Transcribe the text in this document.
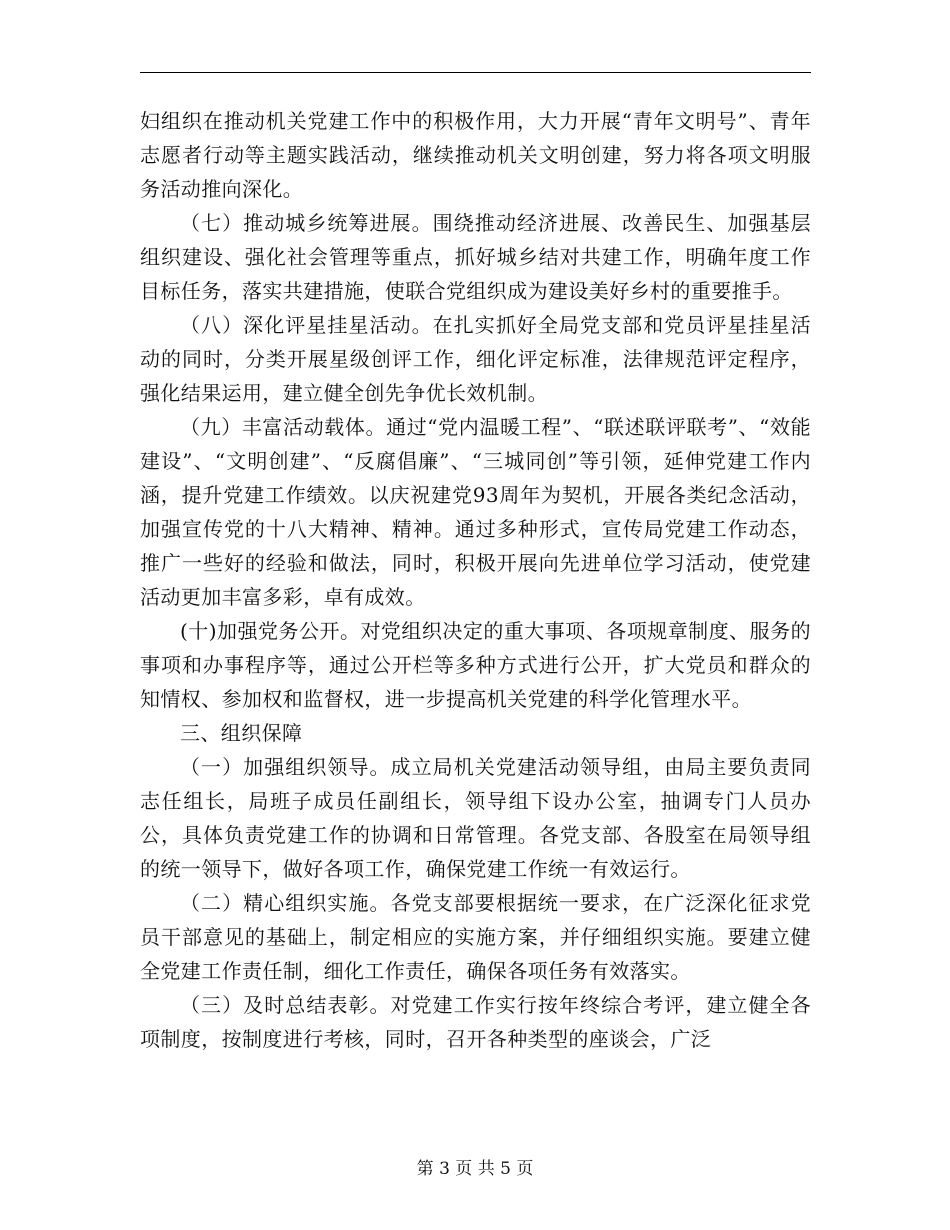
妇组织在推动机关党建工作中的积极作用，大力开展“青年文明号”、青年志愿者行动等主题实践活动，继续推动机关文明创建，努力将各项文明服务活动推向深化。

（七）推动城乡统筹进展。围绕推动经济进展、改善民生、加强基层组织建设、强化社会管理等重点，抓好城乡结对共建工作，明确年度工作目标任务，落实共建措施，使联合党组织成为建设美好乡村的重要推手。

（八）深化评星挂星活动。在扎实抓好全局党支部和党员评星挂星活动的同时，分类开展星级创评工作，细化评定标准，法律规范评定程序，强化结果运用，建立健全创先争优长效机制。

（九）丰富活动载体。通过“党内温暖工程”、“联述联评联考”、“效能建设”、“文明创建”、“反腐倡廉”、“三城同创”等引领，延伸党建工作内涵，提升党建工作绩效。以庆祝建党93周年为契机，开展各类纪念活动，加强宣传党的十八大精神、精神。通过多种形式，宣传局党建工作动态，推广一些好的经验和做法，同时，积极开展向先进单位学习活动，使党建活动更加丰富多彩，卓有成效。

(十)加强党务公开。对党组织决定的重大事项、各项规章制度、服务的事项和办事程序等，通过公开栏等多种方式进行公开，扩大党员和群众的知情权、参加权和监督权，进一步提高机关党建的科学化管理水平。

三、组织保障

（一）加强组织领导。成立局机关党建活动领导组，由局主要负责同志任组长，局班子成员任副组长，领导组下设办公室，抽调专门人员办公，具体负责党建工作的协调和日常管理。各党支部、各股室在局领导组的统一领导下，做好各项工作，确保党建工作统一有效运行。

（二）精心组织实施。各党支部要根据统一要求，在广泛深化征求党员干部意见的基础上，制定相应的实施方案，并仔细组织实施。要建立健全党建工作责任制，细化工作责任，确保各项任务有效落实。

（三）及时总结表彰。对党建工作实行按年终综合考评，建立健全各项制度，按制度进行考核，同时，召开各种类型的座谈会，广泛

第 3 页 共 5 页
